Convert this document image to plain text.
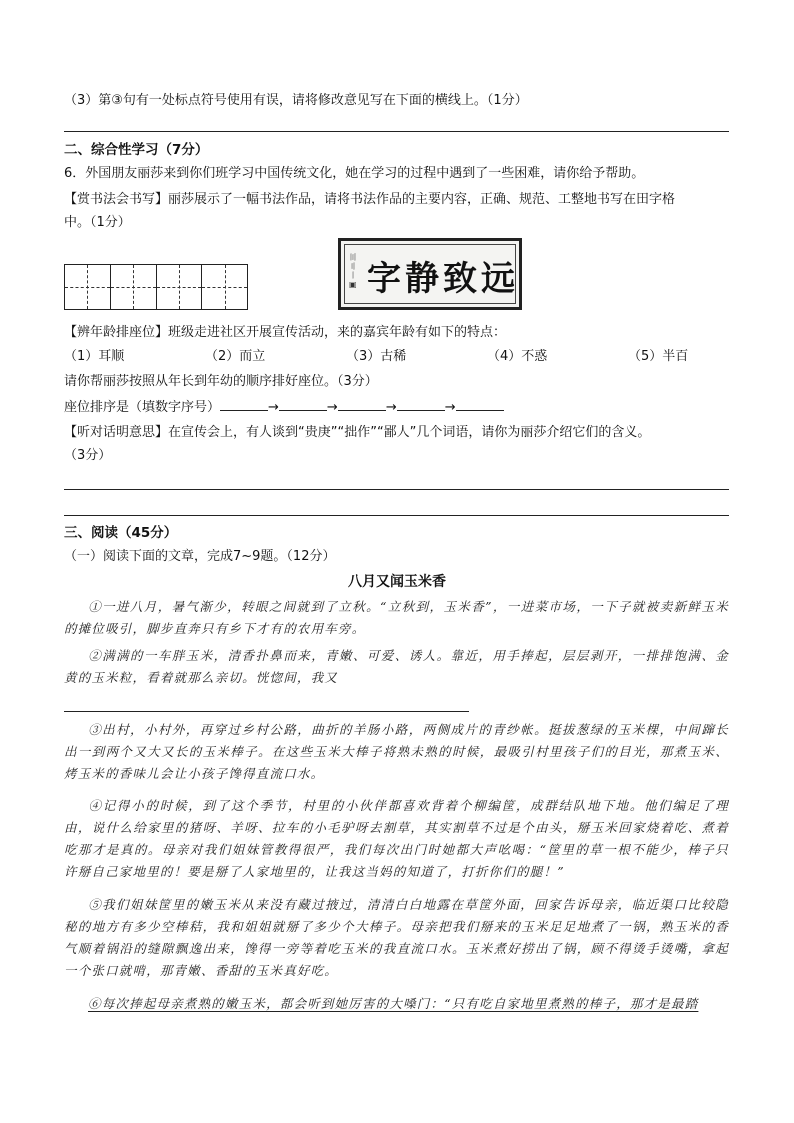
（3）第③句有一处标点符号使用有误，请将修改意见写在下面的横线上。（1分）
二、综合性学习（7分）
6．外国朋友丽莎来到你们班学习中国传统文化，她在学习的过程中遇到了一些困难，请你给予帮助。
【赏书法会书写】丽莎展示了一幅书法作品，请将书法作品的主要内容，正确、规范、工整地书写在田字格
中。（1分）
〣
〢
〡
▣ 字静致远
【辨年龄排座位】班级走进社区开展宣传活动，来的嘉宾年龄有如下的特点：
（1）耳顺	（2）而立	（3）古稀	（4）不惑	（5）半百
请你帮丽莎按照从年长到年幼的顺序排好座位。（3分）
座位排序是（填数字序号）	→	→	→	→
【听对话明意思】在宣传会上，有人谈到“贵庚”“拙作”“鄙人”几个词语，请你为丽莎介绍它们的含义。
（3分）
三、阅读（45分）
（一）阅读下面的文章，完成7~9题。（12分）
八月又闻玉米香
①一进八月，暑气渐少，转眼之间就到了立秋。“立秋到，玉米香”，一进菜市场，一下子就被卖新鲜玉米的摊位吸引，脚步直奔只有乡下才有的农用车旁。
②满满的一车胖玉米，清香扑鼻而来，青嫩、可爱、诱人。靠近，用手捧起，层层剥开，一排排饱满、金黄的玉米粒，看着就那么亲切。恍惚间，我又
③出村，小村外，再穿过乡村公路，曲折的羊肠小路，两侧成片的青纱帐。挺拔葱绿的玉米棵，中间蹿长出一到两个又大又长的玉米棒子。在这些玉米大棒子将熟未熟的时候，最吸引村里孩子们的目光，那煮玉米、烤玉米的香味儿会让小孩子馋得直流口水。
④记得小的时候，到了这个季节，村里的小伙伴都喜欢背着个柳编筐，成群结队地下地。他们编足了理由，说什么给家里的猪呀、羊呀、拉车的小毛驴呀去割草，其实割草不过是个由头，掰玉米回家烧着吃、煮着吃那才是真的。母亲对我们姐妹管教得很严，我们每次出门时她都大声吆喝：“筐里的草一根不能少，棒子只许掰自己家地里的！要是掰了人家地里的，让我这当妈的知道了，打折你们的腿！”
⑤我们姐妹筐里的嫩玉米从来没有藏过掖过，清清白白地露在草筐外面，回家告诉母亲，临近渠口比较隐秘的地方有多少空棒秸，我和姐姐就掰了多少个大棒子。母亲把我们掰来的玉米足足地煮了一锅，熟玉米的香气顺着锅沿的缝隙飘逸出来，馋得一旁等着吃玉米的我直流口水。玉米煮好捞出了锅，顾不得烫手烫嘴，拿起一个张口就啃，那青嫩、香甜的玉米真好吃。
⑥每次捧起母亲煮熟的嫩玉米，都会听到她厉害的大嗓门：“只有吃自家地里煮熟的棒子，那才是最踏
